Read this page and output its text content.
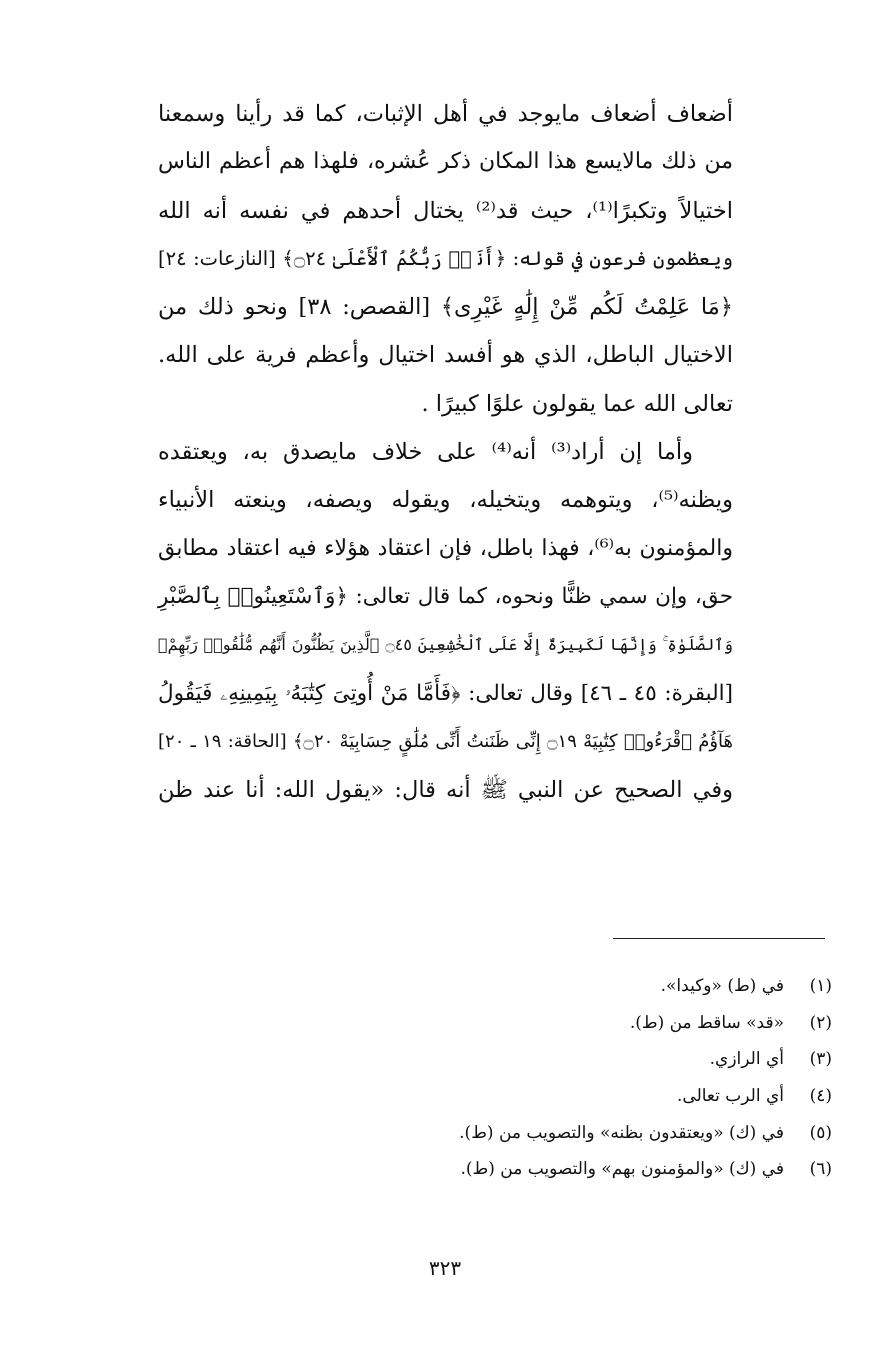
أضعاف أضعاف مايوجد في أهل الإثبات، كما قد رأينا وسمعنا
من ذلك مالايسع هذا المكان ذكر عُشره، فلهذا هم أعظم الناس
اختيالاً وتكبرًا⁽¹⁾، حيث قد⁽²⁾ يختال أحدهم في نفسه أنه الله
ويعظمون فرعون في قوله: ﴿أَنَا۠ رَبُّكُمُ ٱلْأَعْلَىٰ ۝٢٤﴾ [النازعات: ٢٤]
﴿مَا عَلِمْتُ لَكُم مِّنْ إِلَٰهٍ غَيْرِى﴾ [القصص: ٣٨] ونحو ذلك من
الاختيال الباطل، الذي هو أفسد اختيال وأعظم فرية على الله.
تعالى الله عما يقولون علوًا كبيرًا .
وأما إن أراد⁽³⁾ أنه⁽⁴⁾ على خلاف مايصدق به، ويعتقده
ويظنه⁽⁵⁾، ويتوهمه ويتخيله، ويقوله ويصفه، وينعته الأنبياء
والمؤمنون به⁽⁶⁾، فهذا باطل، فإن اعتقاد هؤلاء فيه اعتقاد مطابق
حق، وإن سمي ظنًّا ونحوه، كما قال تعالى: ﴿وَٱسْتَعِينُوا۟ بِٱلصَّبْرِ
وَٱلصَّلَوٰةِ ۚ وَإِنَّهَا لَكَبِيرَةٌ إِلَّا عَلَى ٱلْخَٰشِعِينَ ۝٤٥ ٱلَّذِينَ يَظُنُّونَ أَنَّهُم مُّلَٰقُوا۟ رَبِّهِمْ﴾
[البقرة: ٤٥ ـ ٤٦] وقال تعالى: ﴿فَأَمَّا مَنْ أُوتِىَ كِتَٰبَهُۥ بِيَمِينِهِۦ فَيَقُولُ
هَآؤُمُ ٱقْرَءُوا۟ كِتَٰبِيَهْ ۝١٩ إِنِّى ظَنَنتُ أَنِّى مُلَٰقٍ حِسَابِيَهْ ۝٢٠﴾ [الحاقة: ١٩ ـ ٢٠]
وفي الصحيح عن النبي ﷺ أنه قال: «يقول الله: أنا عند ظن
(١)في (ط) «وكيدا».
(٢)«قد» ساقط من (ط).
(٣)أي الرازي.
(٤)أي الرب تعالى.
(٥)في (ك) «ويعتقدون بظنه» والتصويب من (ط).
(٦)في (ك) «والمؤمنون بهم» والتصويب من (ط).
٣٢٣
